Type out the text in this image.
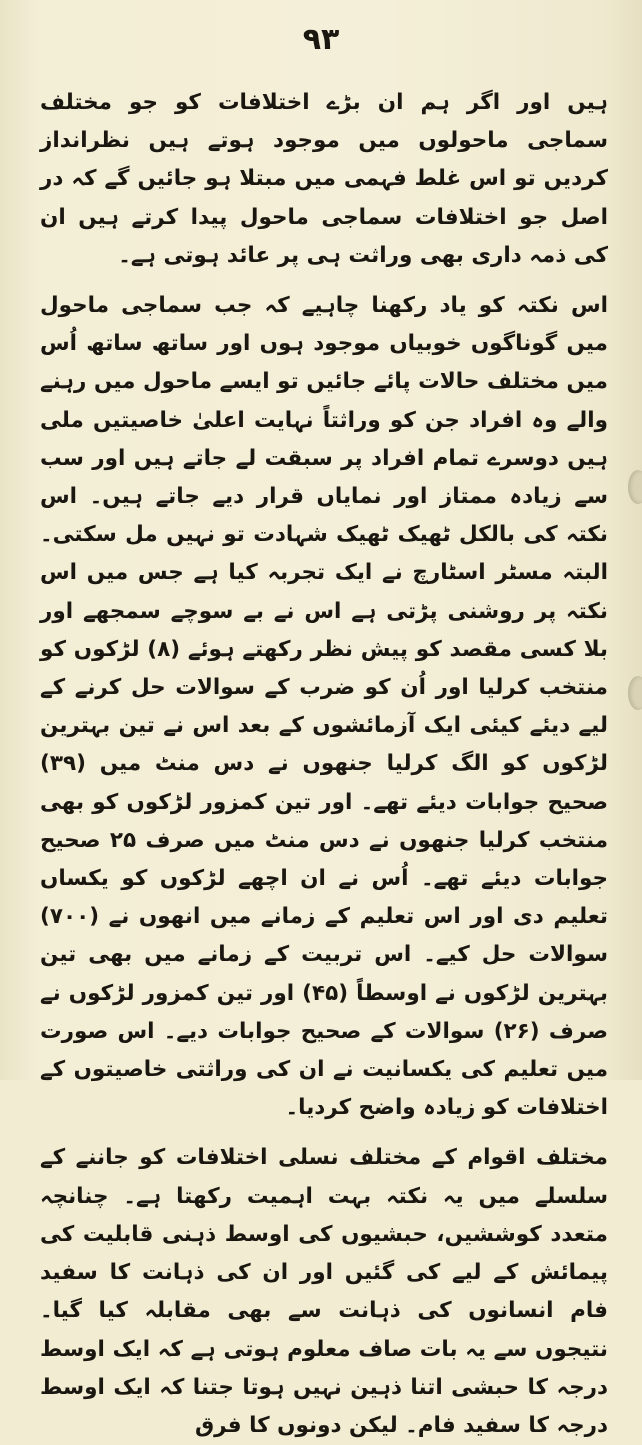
۹۳

ہیں اور اگر ہم ان بڑے اختلافات کو جو مختلف سماجی ماحولوں میں موجود ہوتے ہیں نظرانداز کردیں تو اس غلط فہمی میں مبتلا ہو جائیں گے کہ در اصل جو اختلافات سماجی ماحول پیدا کرتے ہیں ان کی ذمہ داری بھی وراثت ہی پر عائد ہوتی ہے۔

اس نکتہ کو یاد رکھنا چاہیے کہ جب سماجی ماحول میں گوناگوں خوبیاں موجود ہوں اور ساتھ ساتھ اُس میں مختلف حالات پائے جائیں تو ایسے ماحول میں رہنے والے وہ افراد جن کو وراثتاً نہایت اعلیٰ خاصیتیں ملی ہیں دوسرے تمام افراد پر سبقت لے جاتے ہیں اور سب سے زیادہ ممتاز اور نمایاں قرار دیے جاتے ہیں۔ اس نکتہ کی بالکل ٹھیک ٹھیک شہادت تو نہیں مل سکتی۔ البتہ مسٹر اسٹارچ نے ایک تجربہ کیا ہے جس میں اس نکتہ پر روشنی پڑتی ہے اس نے بے سوچے سمجھے اور بلا کسی مقصد کو پیش نظر رکھتے ہوئے (۸) لڑکوں کو منتخب کرلیا اور اُن کو ضرب کے سوالات حل کرنے کے لیے دیئے کیئی ایک آزمائشوں کے بعد اس نے تین بہترین لڑکوں کو الگ کرلیا جنھوں نے دس منٹ میں (۳۹) صحیح جوابات دیئے تھے۔ اور تین کمزور لڑکوں کو بھی منتخب کرلیا جنھوں نے دس منٹ میں صرف ۲۵ صحیح جوابات دیئے تھے۔ اُس نے ان اچھے لڑکوں کو یکساں تعلیم دی اور اس تعلیم کے زمانے میں انھوں نے (۷۰۰) سوالات حل کیے۔ اس تربیت کے زمانے میں بھی تین بہترین لڑکوں نے اوسطاً (۴۵) اور تین کمزور لڑکوں نے صرف (۲۶) سوالات کے صحیح جوابات دیے۔ اس صورت میں تعلیم کی یکسانیت نے ان کی وراثتی خاصیتوں کے اختلافات کو زیادہ واضح کردیا۔

مختلف اقوام کے مختلف نسلی اختلافات کو جاننے کے سلسلے میں یہ نکتہ بہت اہمیت رکھتا ہے۔ چنانچہ متعدد کوششیں، حبشیوں کی اوسط ذہنی قابلیت کی پیمائش کے لیے کی گئیں اور ان کی ذہانت کا سفید فام انسانوں کی ذہانت سے بھی مقابلہ کیا گیا۔ نتیجوں سے یہ بات صاف معلوم ہوتی ہے کہ ایک اوسط درجہ کا حبشی اتنا ذہین نہیں ہوتا جتنا کہ ایک اوسط درجہ کا سفید فام۔ لیکن دونوں کا فرق
